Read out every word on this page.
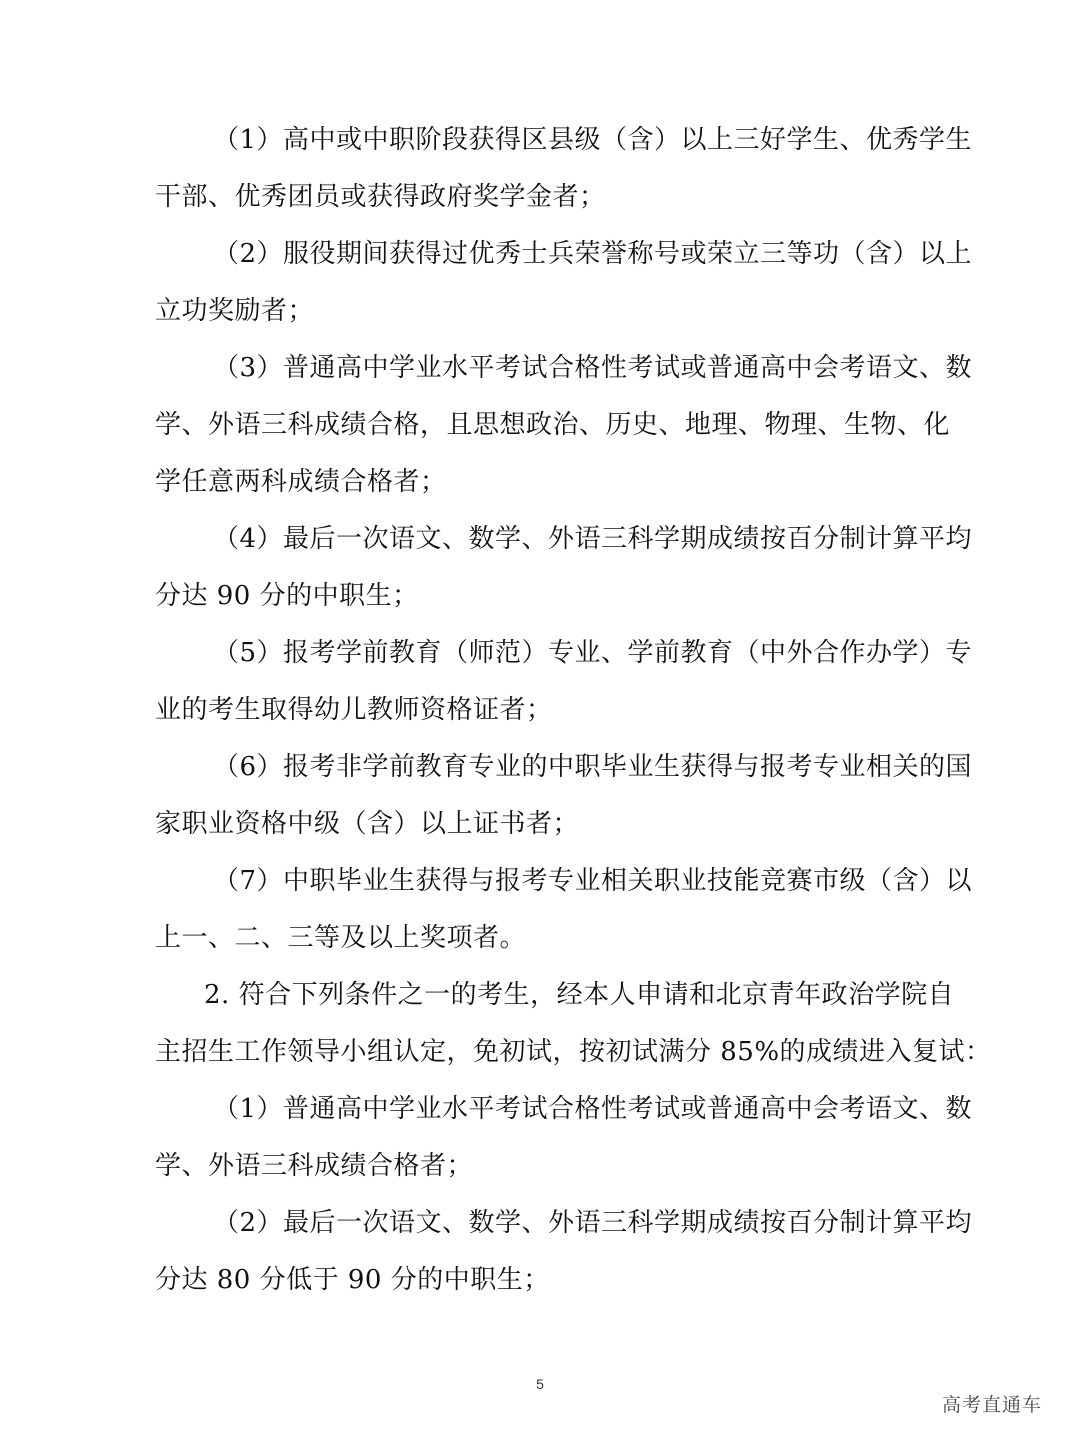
（1）高中或中职阶段获得区县级（含）以上三好学生、优秀学生
干部、优秀团员或获得政府奖学金者；
（2）服役期间获得过优秀士兵荣誉称号或荣立三等功（含）以上
立功奖励者；
（3）普通高中学业水平考试合格性考试或普通高中会考语文、数
学、外语三科成绩合格，且思想政治、历史、地理、物理、生物、化
学任意两科成绩合格者；
（4）最后一次语文、数学、外语三科学期成绩按百分制计算平均
分达 90 分的中职生；
（5）报考学前教育（师范）专业、学前教育（中外合作办学）专
业的考生取得幼儿教师资格证者；
（6）报考非学前教育专业的中职毕业生获得与报考专业相关的国
家职业资格中级（含）以上证书者；
（7）中职毕业生获得与报考专业相关职业技能竞赛市级（含）以
上一、二、三等及以上奖项者。
2. 符合下列条件之一的考生，经本人申请和北京青年政治学院自
主招生工作领导小组认定，免初试，按初试满分 85%的成绩进入复试：
（1）普通高中学业水平考试合格性考试或普通高中会考语文、数
学、外语三科成绩合格者；
（2）最后一次语文、数学、外语三科学期成绩按百分制计算平均
分达 80 分低于 90 分的中职生；
5
高考直通车
